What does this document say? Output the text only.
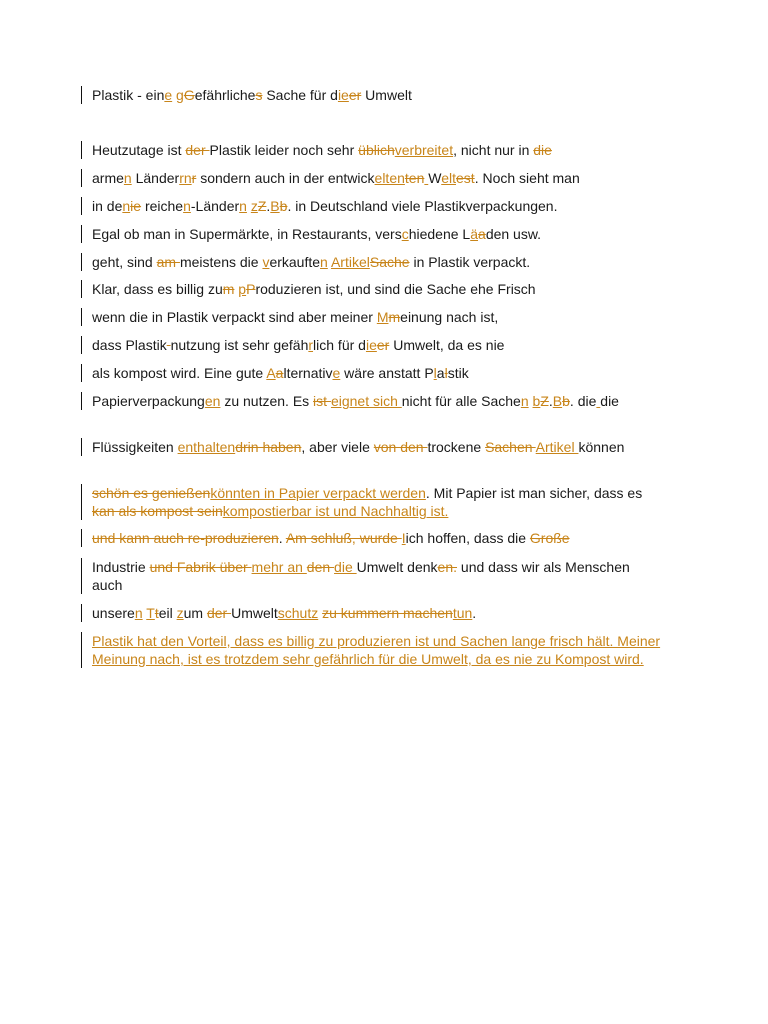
Plastik - eine gGefährliches Sache für dieer Umwelt
Heutzutage ist der Plastik leider noch sehr üblichverbreitet, nicht nur in die
armen Länderrnr sondern auch in der entwickeltenten Weltest. Noch sieht man
in denie reichen-Ländern zZ.Bb. in Deutschland viele Plastikverpackungen.
Egal ob man in Supermärkte, in Restaurants, verschiedene Läaden usw.
geht, sind am meistens die verkauften ArtikelSache in Plastik verpackt.
Klar, dass es billig zum pProduzieren ist, und sind die Sache ehe Frisch
wenn die in Plastik verpackt sind aber meiner Mmeinung nach ist,
dass Plastik nutzung ist sehr gefährlich für dieer Umwelt, da es nie
als kompost wird. Eine gute Aalternative wäre anstatt Plalstik
Papierverpackungen zu nutzen. Es ist eignet sich nicht für alle Sachen bZ.Bb. die die
Flüssigkeiten enthaltendrin haben, aber viele von den trockene Sachen Artikel können
schön es genießenkönnten in Papier verpackt werden. Mit Papier ist man sicher, dass es kan als kompost seinkompostierbar ist und Nachhaltig ist.
und kann auch re-produzieren. Am schluß, wurde Iich hoffen, dass die Große
Industrie und Fabrik über mehr an den die Umwelt denken. und dass wir als Menschen auch
unseren Tteil zum der Umweltschutz zu kummern machentun.
Plastik hat den Vorteil, dass es billig zu produzieren ist und Sachen lange frisch hält. Meiner Meinung nach, ist es trotzdem sehr gefährlich für die Umwelt, da es nie zu Kompost wird.
